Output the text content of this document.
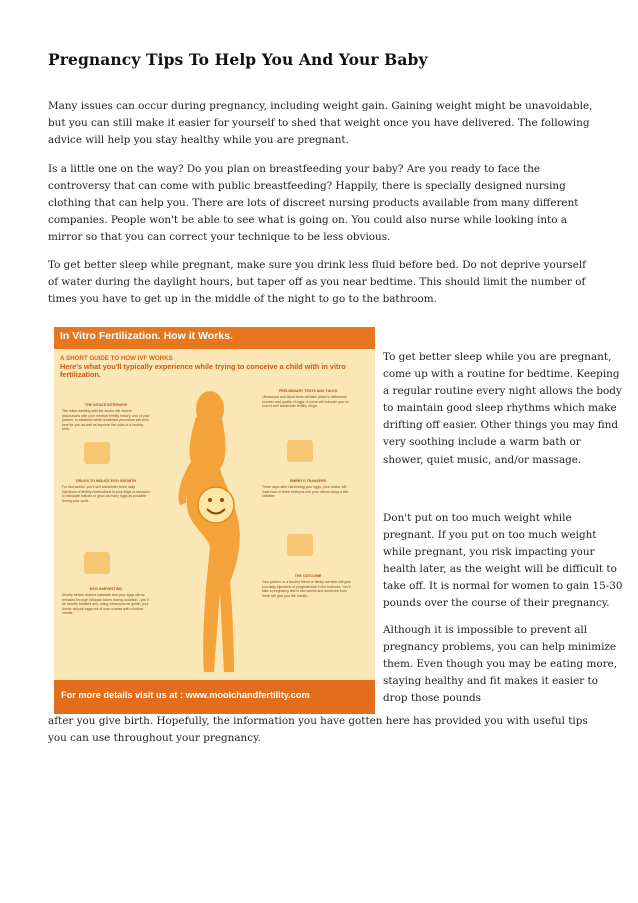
Pregnancy Tips To Help You And Your Baby

Many issues can occur during pregnancy, including weight gain. Gaining weight might be unavoidable, but you can still make it easier for yourself to shed that weight once you have delivered. The following advice will help you stay healthy while you are pregnant.

Is a little one on the way? Do you plan on breastfeeding your baby? Are you ready to face the controversy that can come with public breastfeeding? Happily, there is specially designed nursing clothing that can help you. There are lots of discreet nursing products available from many different companies. People won't be able to see what is going on. You could also nurse while looking into a mirror so that you can correct your technique to be less obvious.

To get better sleep while pregnant, make sure you drink less fluid before bed. Do not deprive yourself of water during the daylight hours, but taper off as you near bedtime. This should limit the number of times you have to get up in the middle of the night to go to the bathroom.

In Vitro Fertilization. How it Works.
A SHORT GUIDE TO HOW IVF WORKS
Here's what you'll typically experience while trying to conceive a child with in vitro fertilization.
THE INTAKE INTERVIEW
The initial meeting with the doctor will involve discussions with your medical fertility history, and of your partner, to establish which treatment procedure will work best for you as well as improve the odds of a healthy birth.
DRUGS TO INDUCE EGG GROWTH
For two weeks, you'll self administer three daily injections of fertility medications in your thigh or stomach to stimulate follicles to grow as many eggs as possible during your cycle.
EGG HARVESTING
Shortly before doctors calculate that your eggs will be released through fallopian tubes during ovulation - you'll be heavily sedated and, using ultrasound as guide, your doctor will pull eggs out of your ovaries with a hollow needle.
PRELIMINARY TESTS AND TALKS
Ultrasound and blood tests will take place to determine number and quality of eggs. A nurse will educate you on how to self administer fertility drugs.
EMBRYO TRANSFER
Three days after harvesting your eggs, your doctor will insert two or three embryos into your uterus using a thin catheter.
THE OUTCOME
Your partner or a trusted friend or family member will give you daily injections of progesterone in the buttocks. You'll take a pregnancy test in two weeks and someone from there will give you the results.
For more details visit us at : www.moolchandfertility.com

To get better sleep while you are pregnant, come up with a routine for bedtime. Keeping a regular routine every night allows the body to maintain good sleep rhythms which make drifting off easier. Other things you may find very soothing include a warm bath or shower, quiet music, and/or massage.

Don't put on too much weight while pregnant. If you put on too much weight while pregnant, you risk impacting your health later, as the weight will be difficult to take off. It is normal for women to gain 15-30 pounds over the course of their pregnancy.

Although it is impossible to prevent all pregnancy problems, you can help minimize them. Even though you may be eating more, staying healthy and fit makes it easier to drop those pounds

after you give birth. Hopefully, the information you have gotten here has provided you with useful tips you can use throughout your pregnancy.
